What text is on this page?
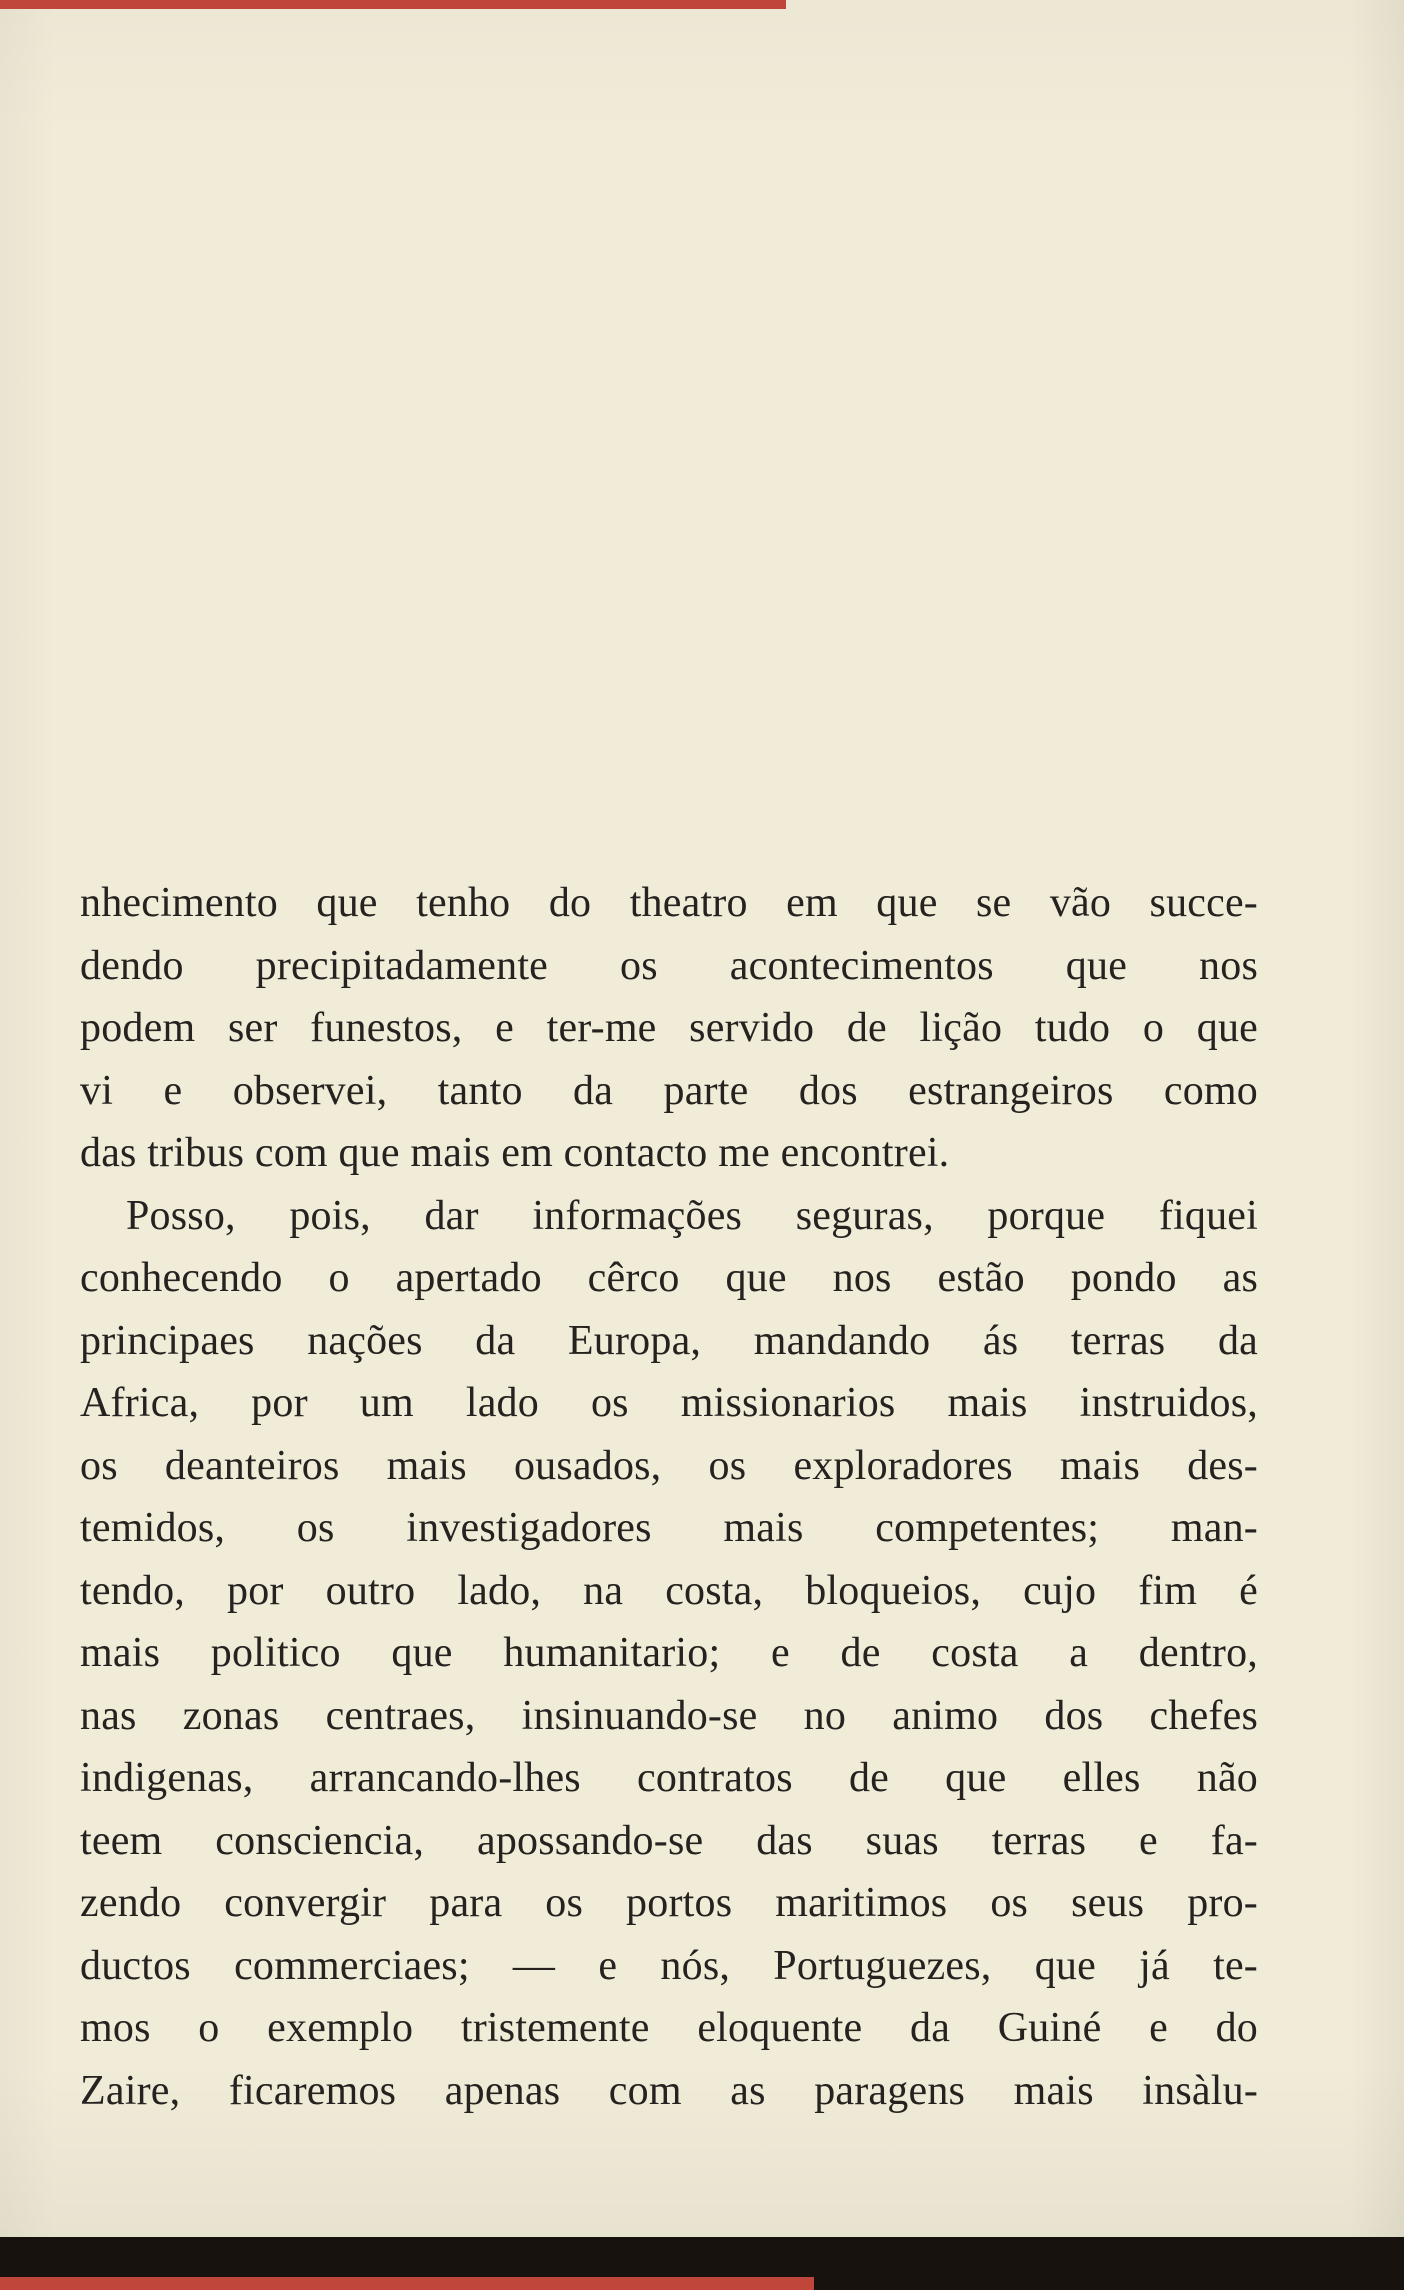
nhecimento que tenho do theatro em que se vão succe-
dendo precipitadamente os acontecimentos que nos
podem ser funestos, e ter-me servido de lição tudo o que
vi e observei, tanto da parte dos estrangeiros como
das tribus com que mais em contacto me encontrei.
Posso, pois, dar informações seguras, porque fiquei
conhecendo o apertado cêrco que nos estão pondo as
principaes nações da Europa, mandando ás terras da
Africa, por um lado os missionarios mais instruidos,
os deanteiros mais ousados, os exploradores mais des-
temidos, os investigadores mais competentes; man-
tendo, por outro lado, na costa, bloqueios, cujo fim é
mais politico que humanitario; e de costa a dentro,
nas zonas centraes, insinuando-se no animo dos chefes
indigenas, arrancando-lhes contratos de que elles não
teem consciencia, apossando-se das suas terras e fa-
zendo convergir para os portos maritimos os seus pro-
ductos commerciaes; — e nós, Portuguezes, que já te-
mos o exemplo tristemente eloquente da Guiné e do
Zaire, ficaremos apenas com as paragens mais insàlu-
